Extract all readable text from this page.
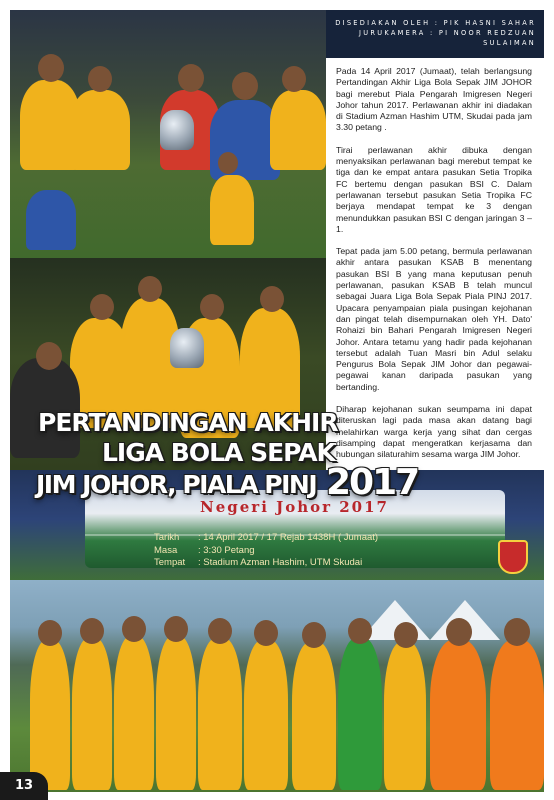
DISEDIAKAN OLEH : PIK HASNI SAHAR
JURUKAMERA : PI NOOR REDZUAN
SULAIMAN

Pada 14 April 2017 (Jumaat), telah berlangsung Pertandingan Akhir Liga Bola Sepak JIM JOHOR bagi merebut Piala Pengarah Imigresen Negeri Johor tahun 2017. Perlawanan akhir ini diadakan di Stadium Azman Hashim UTM, Skudai pada jam 3.30 petang .

Tirai perlawanan akhir dibuka dengan menyaksikan perlawanan bagi merebut tempat ke tiga dan ke empat antara pasukan Setia Tropika FC bertemu dengan pasukan BSI C. Dalam perlawanan tersebut pasukan Setia Tropika FC berjaya mendapat tempat ke 3 dengan menundukkan pasukan BSI C dengan jaringan 3 – 1.

Tepat pada jam 5.00 petang, bermula perlawanan akhir antara pasukan KSAB B menentang pasukan BSI B yang mana keputusan penuh perlawanan, pasukan KSAB B telah muncul sebagai Juara Liga Bola Sepak Piala PINJ 2017. Upacara penyampaian piala pusingan kejohanan dan pingat telah disempurnakan oleh YH. Dato' Rohaizi bin Bahari Pengarah Imigresen Negeri Johor. Antara tetamu yang hadir pada kejohanan tersebut adalah Tuan Masri bin Adul selaku Pengurus Bola Sepak JIM Johor dan pegawai-pegawai kanan daripada pasukan yang bertanding.

Diharap kejohanan sukan seumpama ini dapat diteruskan lagi pada masa akan datang bagi melahirkan warga kerja yang sihat dan cergas disamping dapat mengeratkan kerjasama dan hubungan silaturahim sesama warga JIM Johor.

Negeri Johor 2017
Tarikh : 14 April 2017 / 17 Rejab 1438H ( Jumaat)
Masa : 3:30 Petang
Tempat : Stadium Azman Hashim, UTM Skudai
PERTANDINGAN AKHIR
LIGA BOLA SEPAK
JIM JOHOR, PIALA PINJ 2017
13
